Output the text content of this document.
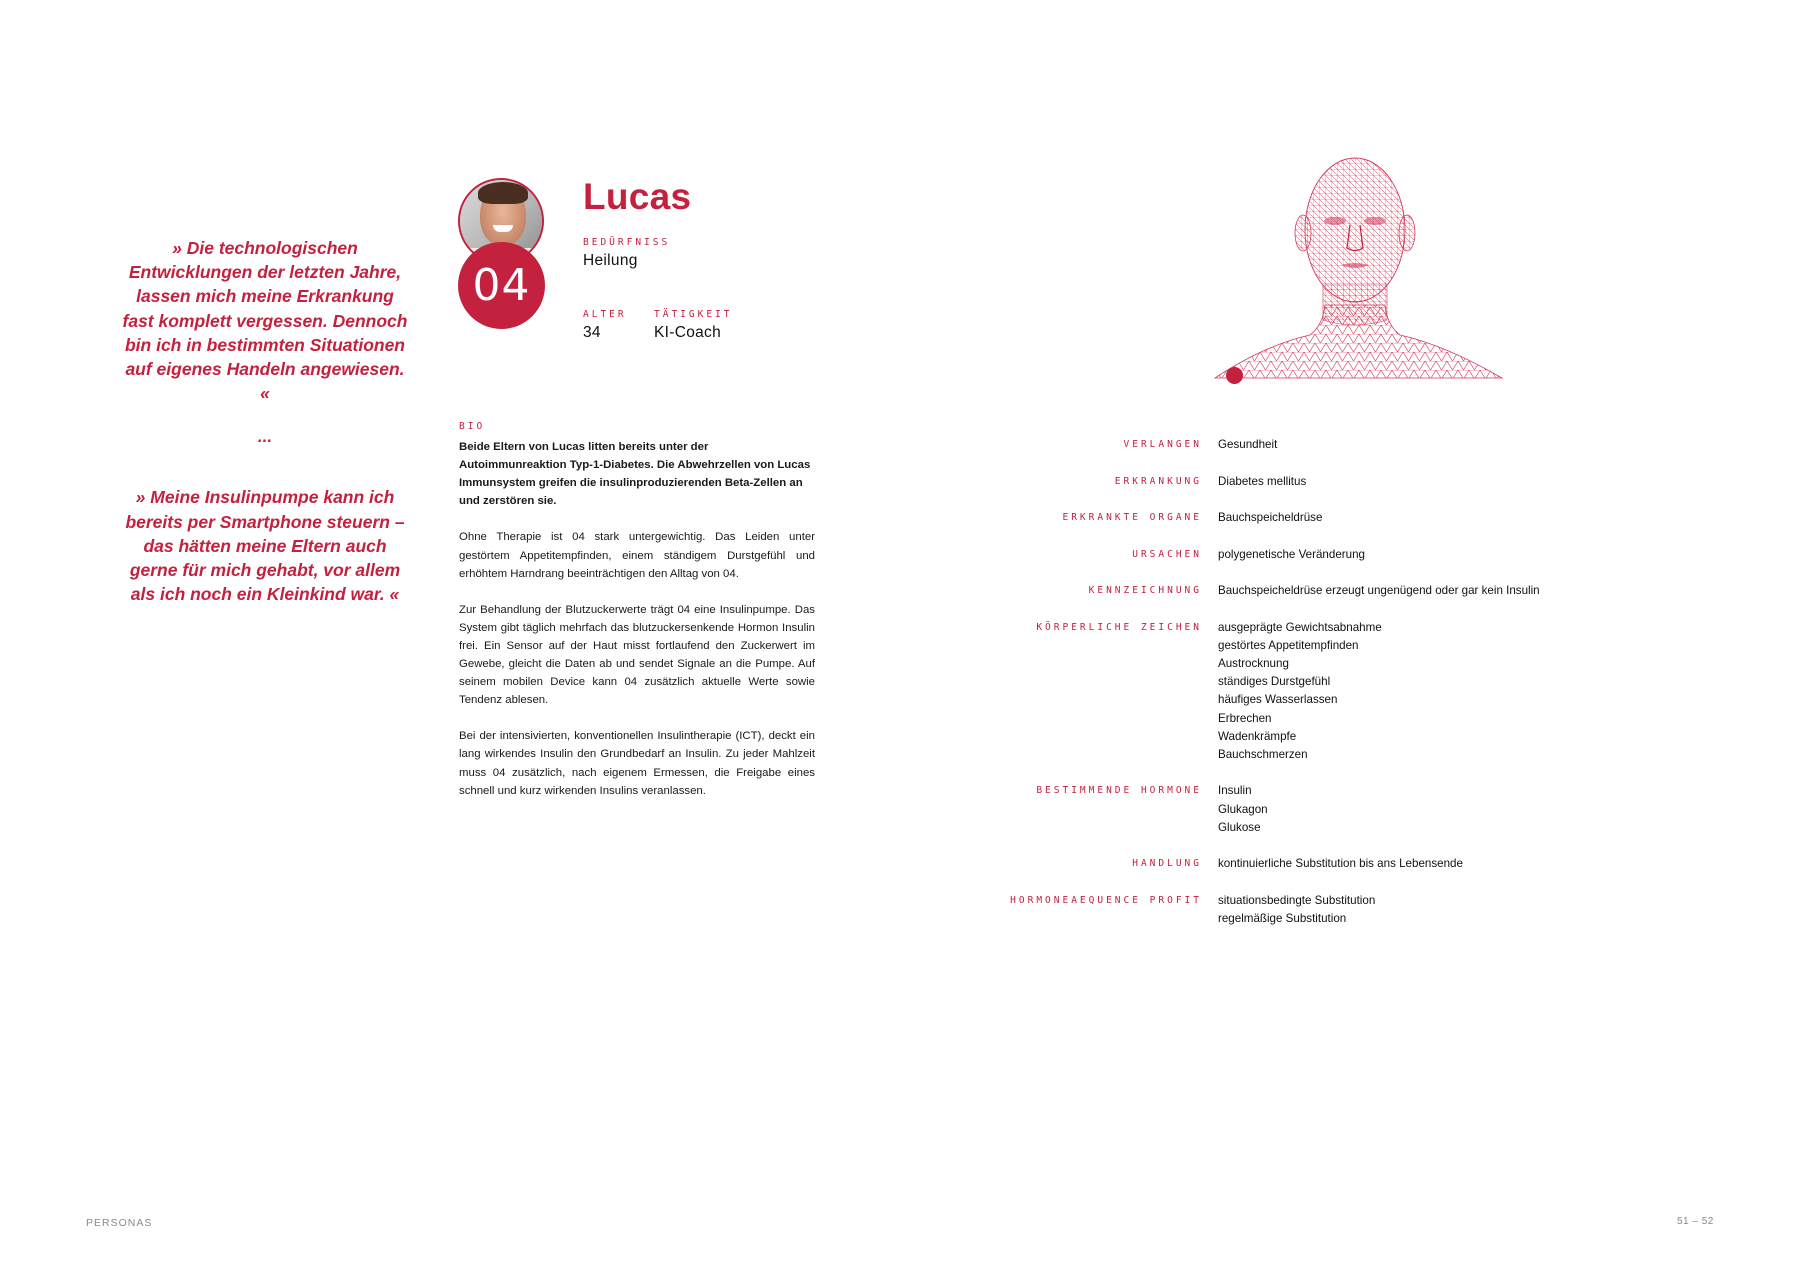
» Die technologischen Entwicklungen der letzten Jahre, lassen mich meine Erkrankung fast komplett vergessen. Dennoch bin ich in bestimmten Situationen auf eigenes Handeln angewiesen. «
...
» Meine Insulinpumpe kann ich bereits per Smartphone steuern – das hätten meine Eltern auch gerne für mich gehabt, vor allem als ich noch ein Kleinkind war. «
04
Lucas
BEDÜRFNISS
Heilung
ALTER
34
TÄTIGKEIT
KI-Coach
BIO

Beide Eltern von Lucas litten bereits unter der Autoimmunreaktion Typ-1-Diabetes. Die Abwehrzellen von Lucas Immunsystem greifen die insulinproduzierenden Beta-Zellen an und zerstören sie.

Ohne Therapie ist 04 stark untergewichtig. Das Leiden unter gestörtem Appetitempfinden, einem ständigem Durstgefühl und erhöhtem Harndrang beeinträchtigen den Alltag von 04.

Zur Behandlung der Blutzuckerwerte trägt 04 eine Insulinpumpe. Das System gibt täglich mehrfach das blutzuckersenkende Hormon Insulin frei. Ein Sensor auf der Haut misst fortlaufend den Zuckerwert im Gewebe, gleicht die Daten ab und sendet Signale an die Pumpe. Auf seinem mobilen Device kann 04 zusätzlich aktuelle Werte sowie Tendenz ablesen.

Bei der intensivierten, konventionellen Insulintherapie (ICT), deckt ein lang wirkendes Insulin den Grundbedarf an Insulin. Zu jeder Mahlzeit muss 04 zusätzlich, nach eigenem Ermessen, die Freigabe eines schnell und kurz wirkenden Insulins veranlassen.

VERLANGEN	Gesundheit
ERKRANKUNG	Diabetes mellitus
ERKRANKTE ORGANE	Bauchspeicheldrüse
URSACHEN	polygenetische Veränderung
KENNZEICHNUNG	Bauchspeicheldrüse erzeugt ungenügend oder gar kein Insulin
KÖRPERLICHE ZEICHEN	ausgeprägte Gewichtsabnahme
gestörtes Appetitempfinden
Austrocknung
ständiges Durstgefühl
häufiges Wasserlassen
Erbrechen
Wadenkrämpfe
Bauchschmerzen
BESTIMMENDE HORMONE	Insulin
Glukagon
Glukose
HANDLUNG	kontinuierliche Substitution bis ans Lebensende
HORMONEAEQUENCE PROFIT	situationsbedingte Substitution
regelmäßige Substitution
PERSONAS	51 – 52
